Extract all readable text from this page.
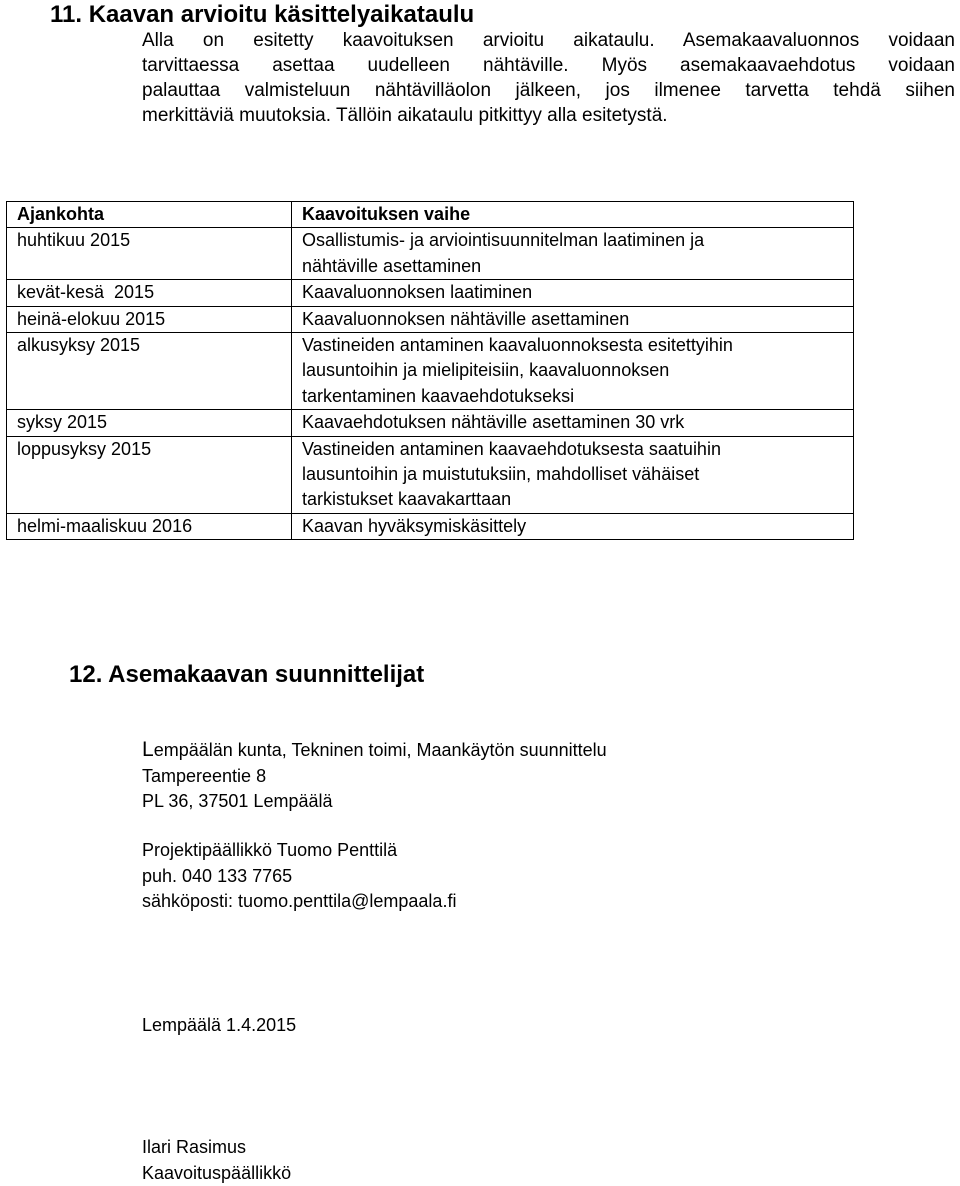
11. Kaavan arvioitu käsittelyaikataulu
Alla on esitetty kaavoituksen arvioitu aikataulu. Asemakaavaluonnos voidaan
tarvittaessa asettaa uudelleen nähtäville. Myös asemakaavaehdotus voidaan
palauttaa valmisteluun nähtävilläolon jälkeen, jos ilmenee tarvetta tehdä siihen
merkittäviä muutoksia. Tällöin aikataulu pitkittyy alla esitetystä.
Ajankohta	Kaavoituksen vaihe
huhtikuu 2015	Osallistumis- ja arviointisuunnitelman laatiminen ja
nähtäville asettaminen

kevät-kesä  2015	Kaavaluonnoksen laatiminen

heinä-elokuu 2015	Kaavaluonnoksen nähtäville asettaminen

alkusyksy 2015	Vastineiden antaminen kaavaluonnoksesta esitettyihin
lausuntoihin ja mielipiteisiin, kaavaluonnoksen
tarkentaminen kaavaehdotukseksi

syksy 2015	Kaavaehdotuksen nähtäville asettaminen 30 vrk

loppusyksy 2015	Vastineiden antaminen kaavaehdotuksesta saatuihin
lausuntoihin ja muistutuksiin, mahdolliset vähäiset
tarkistukset kaavakarttaan

helmi-maaliskuu 2016	Kaavan hyväksymiskäsittely
12. Asemakaavan suunnittelijat
Lempäälän kunta, Tekninen toimi, Maankäytön suunnittelu
Tampereentie 8
PL 36, 37501 Lempäälä
Projektipäällikkö Tuomo Penttilä
puh. 040 133 7765
sähköposti: tuomo.penttila@lempaala.fi
Lempäälä 1.4.2015
Ilari Rasimus
Kaavoituspäällikkö
